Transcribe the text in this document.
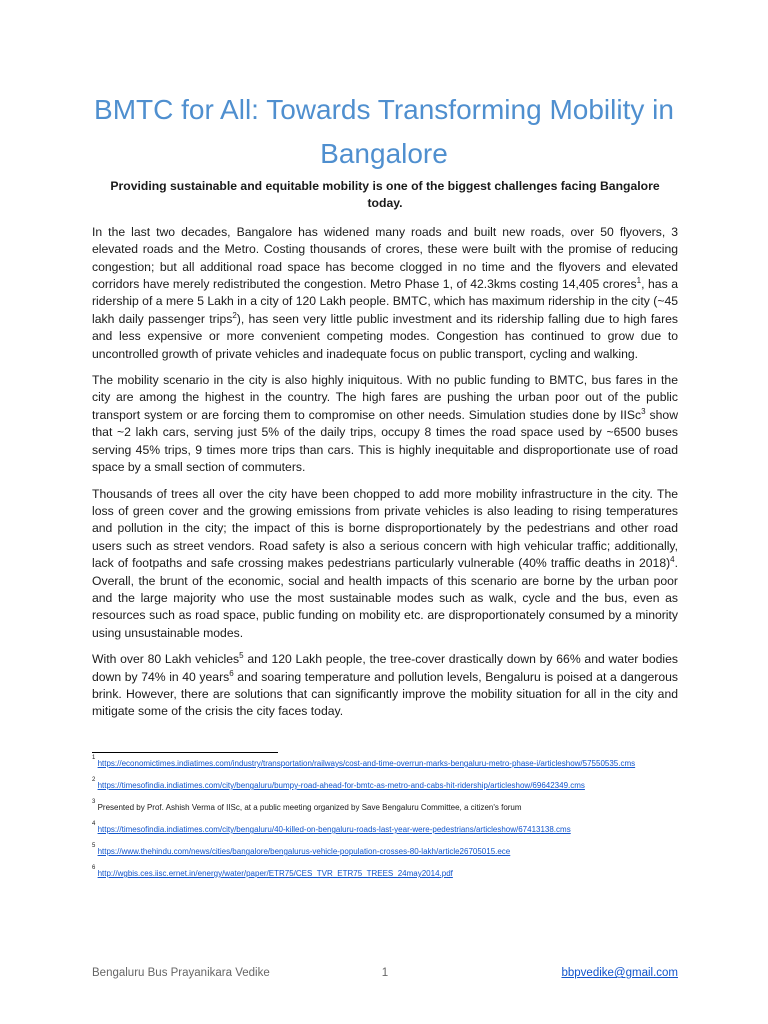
BMTC for All: Towards Transforming Mobility in Bangalore

Providing sustainable and equitable mobility is one of the biggest challenges facing Bangalore today.

In the last two decades, Bangalore has widened many roads and built new roads, over 50 flyovers, 3 elevated roads and the Metro. Costing thousands of crores, these were built with the promise of reducing congestion; but all additional road space has become clogged in no time and the flyovers and elevated corridors have merely redistributed the congestion. Metro Phase 1, of 42.3kms costing 14,405 crores$^1$, has a ridership of a mere 5 Lakh in a city of 120 Lakh people. BMTC, which has maximum ridership in the city (~45 lakh daily passenger trips$^2$), has seen very little public investment and its ridership falling due to high fares and less expensive or more convenient competing modes. Congestion has continued to grow due to uncontrolled growth of private vehicles and inadequate focus on public transport, cycling and walking.

The mobility scenario in the city is also highly iniquitous. With no public funding to BMTC, bus fares in the city are among the highest in the country. The high fares are pushing the urban poor out of the public transport system or are forcing them to compromise on other needs. Simulation studies done by IISc$^3$ show that ~2 lakh cars, serving just 5% of the daily trips, occupy 8 times the road space used by ~6500 buses serving 45% trips, 9 times more trips than cars. This is highly inequitable and disproportionate use of road space by a small section of commuters.

Thousands of trees all over the city have been chopped to add more mobility infrastructure in the city. The loss of green cover and the growing emissions from private vehicles is also leading to rising temperatures and pollution in the city; the impact of this is borne disproportionately by the pedestrians and other road users such as street vendors. Road safety is also a serious concern with high vehicular traffic; additionally, lack of footpaths and safe crossing makes pedestrians particularly vulnerable (40% traffic deaths in 2018)$^4$. Overall, the brunt of the economic, social and health impacts of this scenario are borne by the urban poor and the large majority who use the most sustainable modes such as walk, cycle and the bus, even as resources such as road space, public funding on mobility etc. are disproportionately consumed by a minority using unsustainable modes.

With over 80 Lakh vehicles$^5$ and 120 Lakh people, the tree-cover drastically down by 66% and water bodies down by 74% in 40 years$^6$ and soaring temperature and pollution levels, Bengaluru is poised at a dangerous brink. However, there are solutions that can significantly improve the mobility situation for all in the city and mitigate some of the crisis the city faces today.

$^1$ https://economictimes.indiatimes.com/industry/transportation/railways/cost-and-time-overrun-marks-bengaluru-metro-phase-i/articleshow/57550535.cms

$^2$ https://timesofindia.indiatimes.com/city/bengaluru/bumpy-road-ahead-for-bmtc-as-metro-and-cabs-hit-ridership/articleshow/69642349.cms

$^3$ Presented by Prof. Ashish Verma of IISc, at a public meeting organized by Save Bengaluru Committee, a citizen's forum

$^4$ https://timesofindia.indiatimes.com/city/bengaluru/40-killed-on-bengaluru-roads-last-year-were-pedestrians/articleshow/67413138.cms

$^5$ https://www.thehindu.com/news/cities/bangalore/bengalurus-vehicle-population-crosses-80-lakh/article26705015.ece

$^6$ http://wgbis.ces.iisc.ernet.in/energy/water/paper/ETR75/CES_TVR_ETR75_TREES_24may2014.pdf

Bengaluru Bus Prayanikara Vedike	1	bbpvedike@gmail.com
